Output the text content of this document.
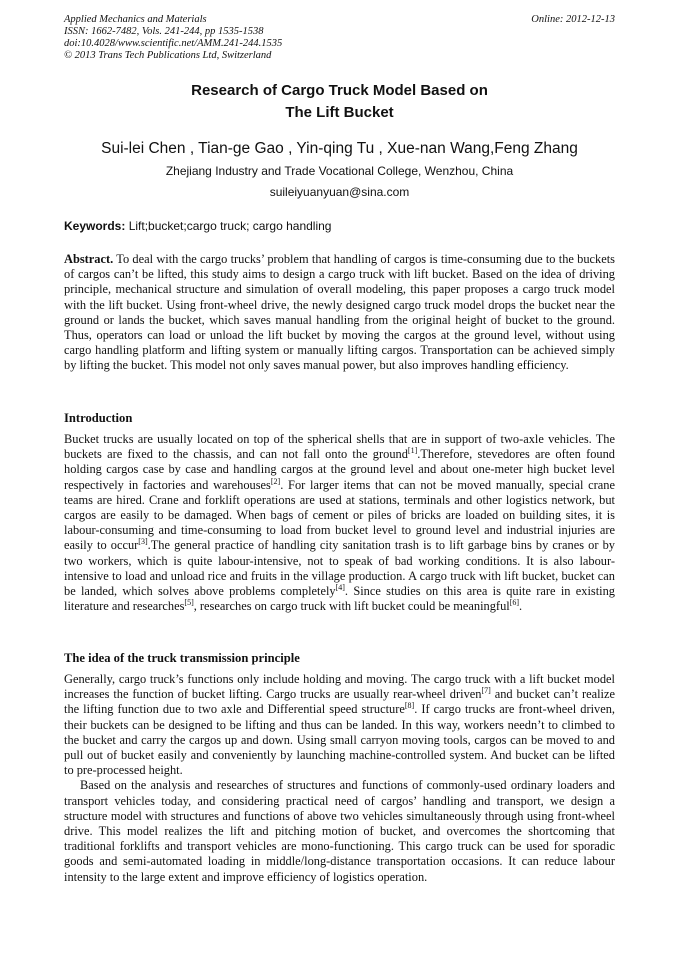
Applied Mechanics and Materials
ISSN: 1662-7482, Vols. 241-244, pp 1535-1538
doi:10.4028/www.scientific.net/AMM.241-244.1535
© 2013 Trans Tech Publications Ltd, Switzerland
Online: 2012-12-13
Research of Cargo Truck Model Based on
The Lift Bucket
Sui-lei Chen , Tian-ge Gao , Yin-qing Tu , Xue-nan Wang,Feng Zhang
Zhejiang Industry and Trade Vocational College, Wenzhou, China
suileiyuanyuan@sina.com
Keywords: Lift;bucket;cargo truck; cargo handling

Abstract. To deal with the cargo trucks’ problem that handling of cargos is time-consuming due to the buckets of cargos can’t be lifted, this study aims to design a cargo truck with lift bucket. Based on the idea of driving principle, mechanical structure and simulation of overall modeling, this paper proposes a cargo truck model with the lift bucket. Using front-wheel drive, the newly designed cargo truck model drops the bucket near the ground or lands the bucket, which saves manual handling from the original height of bucket to the ground. Thus, operators can load or unload the lift bucket by moving the cargos at the ground level, without using cargo handling platform and lifting system or manually lifting cargos. Transportation can be achieved simply by lifting the bucket. This model not only saves manual power, but also improves handling efficiency.

Introduction

Bucket trucks are usually located on top of the spherical shells that are in support of two-axle vehicles. The buckets are fixed to the chassis, and can not fall onto the ground[1].Therefore, stevedores are often found holding cargos case by case and handling cargos at the ground level and about one-meter high bucket level respectively in factories and warehouses[2]. For larger items that can not be moved manually, special crane teams are hired. Crane and forklift operations are used at stations, terminals and other logistics network, but cargos are easily to be damaged. When bags of cement or piles of bricks are loaded on building sites, it is labour-consuming and time-consuming to load from bucket level to ground level and industrial injuries are easily to occur[3].The general practice of handling city sanitation trash is to lift garbage bins by cranes or by two workers, which is quite labour-intensive, not to speak of bad working conditions. It is also labour-intensive to load and unload rice and fruits in the village production. A cargo truck with lift bucket, bucket can be landed, which solves above problems completely[4]. Since studies on this area is quite rare in existing literature and researches[5], researches on cargo truck with lift bucket could be meaningful[6].

The idea of the truck transmission principle

Generally, cargo truck’s functions only include holding and moving. The cargo truck with a lift bucket model increases the function of bucket lifting. Cargo trucks are usually rear-wheel driven[7] and bucket can’t realize the lifting function due to two axle and Differential speed structure[8]. If cargo trucks are front-wheel driven, their buckets can be designed to be lifting and thus can be landed. In this way, workers needn’t to climbed to the bucket and carry the cargos up and down. Using small carryon moving tools, cargos can be moved to and pull out of bucket easily and conveniently by launching machine-controlled system. And bucket can be lifted to pre-processed height.

Based on the analysis and researches of structures and functions of commonly-used ordinary loaders and transport vehicles today, and considering practical need of cargos’ handling and transport, we design a structure model with structures and functions of above two vehicles simultaneously through using front-wheel drive. This model realizes the lift and pitching motion of bucket, and overcomes the shortcoming that traditional forklifts and transport vehicles are mono-functioning. This cargo truck can be used for sporadic goods and semi-automated loading in middle/long-distance transportation occasions. It can reduce labour intensity to the large extent and improve efficiency of logistics operation.
